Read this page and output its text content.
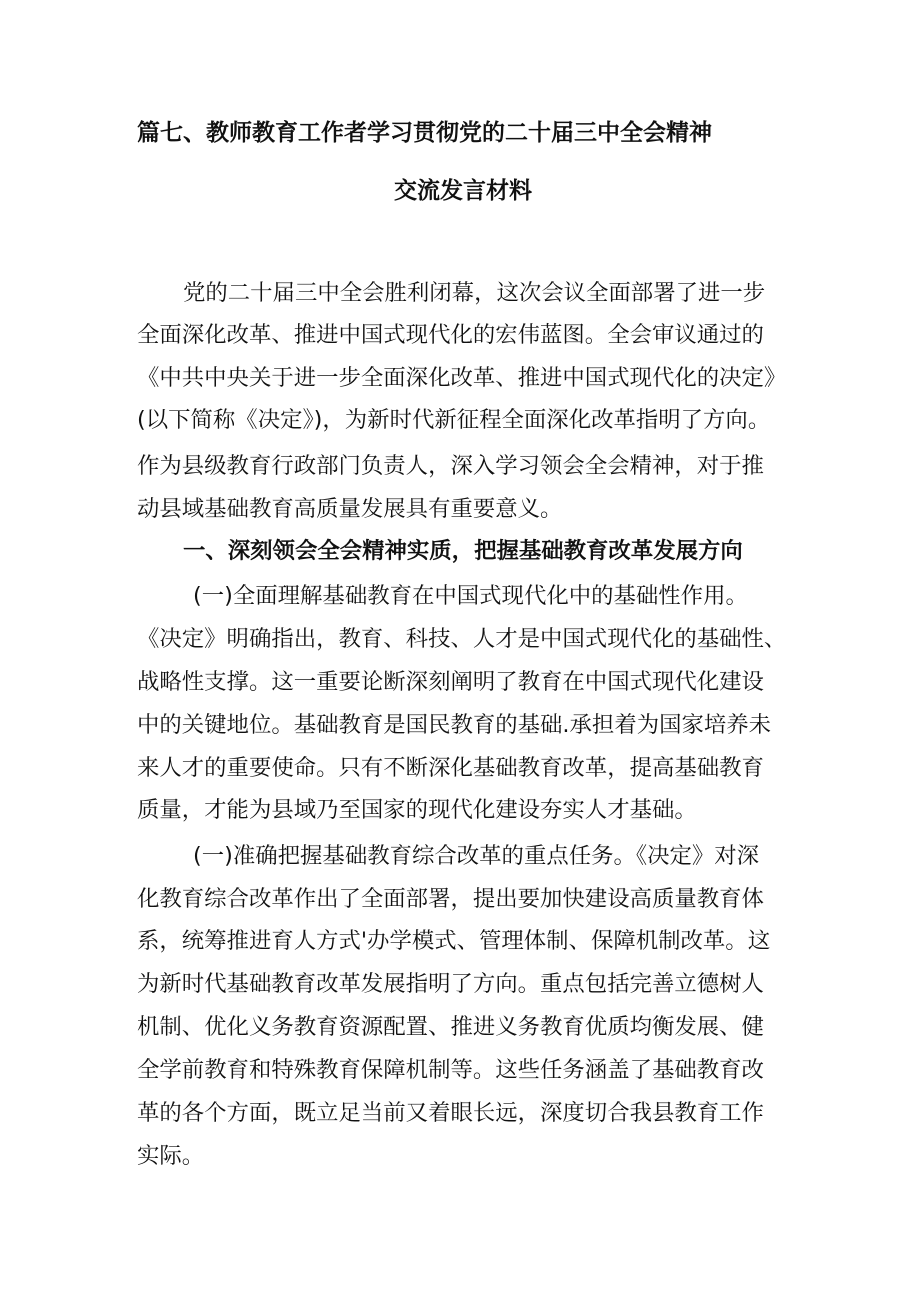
篇七、教师教育工作者学习贯彻党的二十届三中全会精神
交流发言材料
党的二十届三中全会胜利闭幕，这次会议全面部署了进一步
全面深化改革、推进中国式现代化的宏伟蓝图。全会审议通过的
《中共中央关于进一步全面深化改革、推进中国式现代化的决定》
(以下简称《决定》)，为新时代新征程全面深化改革指明了方向。
作为县级教育行政部门负责人，深入学习领会全会精神，对于推
动县域基础教育高质量发展具有重要意义。
一、深刻领会全会精神实质，把握基础教育改革发展方向
(一)全面理解基础教育在中国式现代化中的基础性作用。
《决定》明确指出，教育、科技、人才是中国式现代化的基础性、
战略性支撑。这一重要论断深刻阐明了教育在中国式现代化建设
中的关键地位。基础教育是国民教育的基础.承担着为国家培养未
来人才的重要使命。只有不断深化基础教育改革，提高基础教育
质量，才能为县域乃至国家的现代化建设夯实人才基础。
(一)准确把握基础教育综合改革的重点任务。《决定》对深
化教育综合改革作出了全面部署，提出要加快建设高质量教育体
系，统筹推进育人方式'办学模式、管理体制、保障机制改革。这
为新时代基础教育改革发展指明了方向。重点包括完善立德树人
机制、优化义务教育资源配置、推进义务教育优质均衡发展、健
全学前教育和特殊教育保障机制等。这些任务涵盖了基础教育改
革的各个方面，既立足当前又着眼长远，深度切合我县教育工作
实际。
